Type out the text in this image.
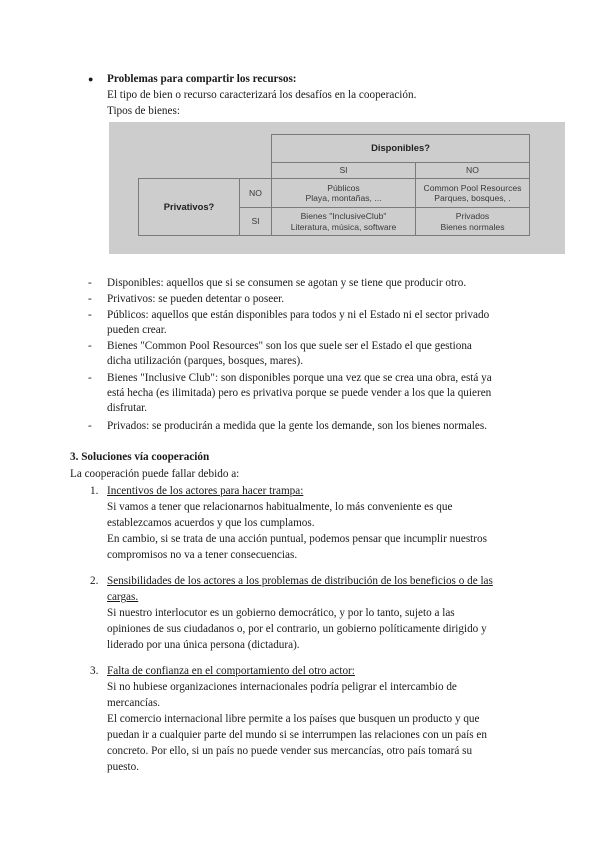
● Problemas para compartir los recursos:
El tipo de bien o recurso caracterizará los desafíos en la cooperación.
Tipos de bienes:
Disponibles?
SI	NO
Privativos?
NO
SI
Públicos
Playa, montañas, ...
Common Pool Resources
Parques, bosques, .
Bienes "InclusiveClub"
Literatura, música, software
Privados
Bienes normales
- Disponibles: aquellos que si se consumen se agotan y se tiene que producir otro.
- Privativos: se pueden detentar o poseer.
- Públicos: aquellos que están disponibles para todos y ni el Estado ni el sector privado
pueden crear.
- Bienes "Common Pool Resources" son los que suele ser el Estado el que gestiona
dicha utilización (parques, bosques, mares).
- Bienes "Inclusive Club": son disponibles porque una vez que se crea una obra, está ya
está hecha (es ilimitada) pero es privativa porque se puede vender a los que la quieren
disfrutar.
- Privados: se producirán a medida que la gente los demande, son los bienes normales.
3. Soluciones vía cooperación
La cooperación puede fallar debido a:
1. Incentivos de los actores para hacer trampa:
Si vamos a tener que relacionarnos habitualmente, lo más conveniente es que
establezcamos acuerdos y que los cumplamos.
En cambio, si se trata de una acción puntual, podemos pensar que incumplir nuestros
compromisos no va a tener consecuencias.
2. Sensibilidades de los actores a los problemas de distribución de los beneficios o de las
cargas.
Si nuestro interlocutor es un gobierno democrático, y por lo tanto, sujeto a las
opiniones de sus ciudadanos o, por el contrario, un gobierno políticamente dirigido y
liderado por una única persona (dictadura).
3. Falta de confianza en el comportamiento del otro actor:
Si no hubiese organizaciones internacionales podría peligrar el intercambio de
mercancías.
El comercio internacional libre permite a los países que busquen un producto y que
puedan ir a cualquier parte del mundo si se interrumpen las relaciones con un país en
concreto. Por ello, si un país no puede vender sus mercancías, otro país tomará su
puesto.
